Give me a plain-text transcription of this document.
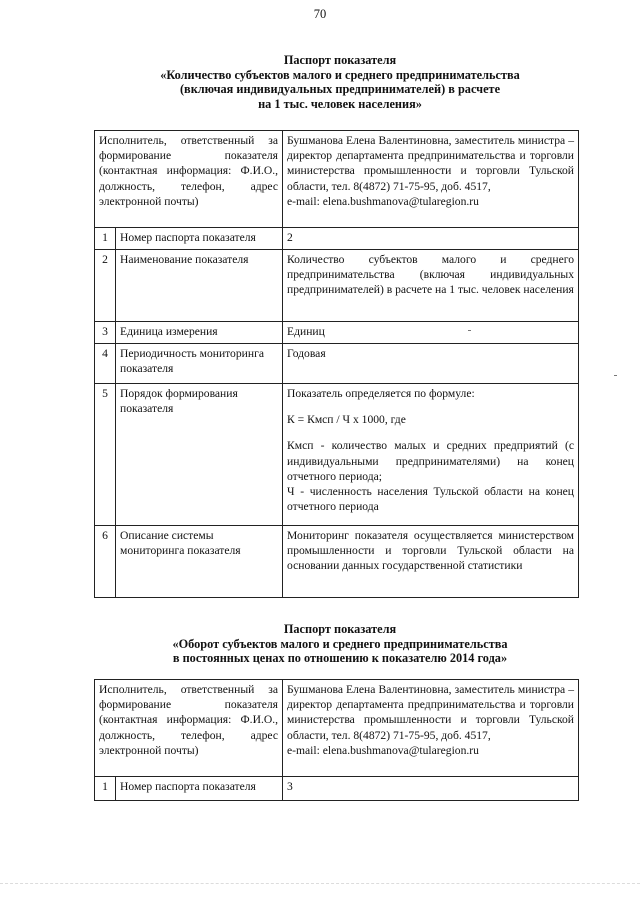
70
Паспорт показателя
«Количество субъектов малого и среднего предпринимательства
(включая индивидуальных предпринимателей) в расчете
на 1 тыс. человек населения»
Исполнитель, ответственный за формирование показателя (контактная информация: Ф.И.О., должность, телефон, адрес электронной почты)		Бушманова Елена Валентиновна, заместитель министра – директор департамента предпринимательства и торговли министерства промышленности и торговли Тульской области, тел. 8(4872) 71-75-95, доб. 4517,
e-mail: elena.bushmanova@tularegion.ru
1	Номер паспорта показателя	2
2	Наименование показателя	Количество субъектов малого и среднего предпринимательства (включая индивидуальных предпринимателей) в расчете на 1 тыс. человек населения
3	Единица измерения	Единиц
4	Периодичность мониторинга показателя	Годовая
5	Порядок формирования показателя	Показатель определяется по формуле:

К = Кмсп / Ч х 1000, где

Кмсп - количество малых и средних предприятий (с индивидуальными предпринимателями) на конец отчетного периода;

Ч - численность населения Тульской области на конец отчетного периода

6	Описание системы мониторинга показателя	Мониторинг показателя осуществляется министерством промышленности и торговли Тульской области на основании данных государственной статистики
Паспорт показателя
«Оборот субъектов малого и среднего предпринимательства
в постоянных ценах по отношению к показателю 2014 года»
Исполнитель, ответственный за формирование показателя (контактная информация: Ф.И.О., должность, телефон, адрес электронной почты)		Бушманова Елена Валентиновна, заместитель министра – директор департамента предпринимательства и торговли министерства промышленности и торговли Тульской области, тел. 8(4872) 71-75-95, доб. 4517,
e-mail: elena.bushmanova@tularegion.ru
1	Номер паспорта показателя	3
